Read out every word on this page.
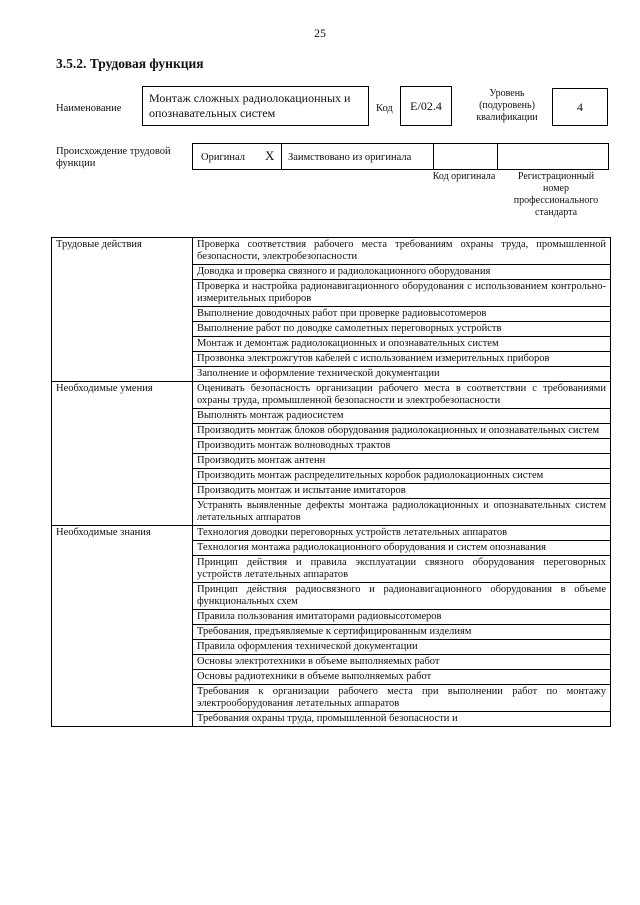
25
3.5.2. Трудовая функция
Наименование
Монтаж сложных радиолокационных и опознавательных систем	Код E/02.4
Уровень (подуровень) квалификации
4
Происхождение трудовой функции
Оригинал X Заимствовано из оригинала
Код оригинала	Регистрационный номер профессионального стандарта
Трудовые действия	Проверка соответствия рабочего места требованиям охраны труда, промышленной безопасности, электробезопасности
	Доводка и проверка связного и радиолокационного оборудования
	Проверка и настройка радионавигационного оборудования с использованием контрольно-измерительных приборов
	Выполнение доводочных работ при проверке радиовысотомеров
	Выполнение работ по доводке самолетных переговорных устройств
	Монтаж и демонтаж радиолокационных и опознавательных систем
	Прозвонка электрожгутов кабелей с использованием измерительных приборов
	Заполнение и оформление технической документации
Необходимые умения	Оценивать безопасность организации рабочего места в соответствии с требованиями охраны труда, промышленной безопасности и электробезопасности
	Выполнять монтаж радиосистем
	Производить монтаж блоков оборудования радиолокационных и опознавательных систем
	Производить монтаж волноводных трактов
	Производить монтаж антенн
	Производить монтаж распределительных коробок радиолокационных систем
	Производить монтаж и испытание имитаторов
	Устранять выявленные дефекты монтажа радиолокационных и опознавательных систем летательных аппаратов
Необходимые знания	Технология доводки переговорных устройств летательных аппаратов
	Технология монтажа радиолокационного оборудования и систем опознавания
	Принцип действия и правила эксплуатации связного оборудования переговорных устройств летательных аппаратов
	Принцип действия радиосвязного и радионавигационного оборудования в объеме функциональных схем
	Правила пользования имитаторами радиовысотомеров
	Требования, предъявляемые к сертифицированным изделиям
	Правила оформления технической документации
	Основы электротехники в объеме выполняемых работ
	Основы радиотехники в объеме выполняемых работ
	Требования к организации рабочего места при выполнении работ по монтажу электрооборудования летательных аппаратов
	Требования охраны труда, промышленной безопасности и
